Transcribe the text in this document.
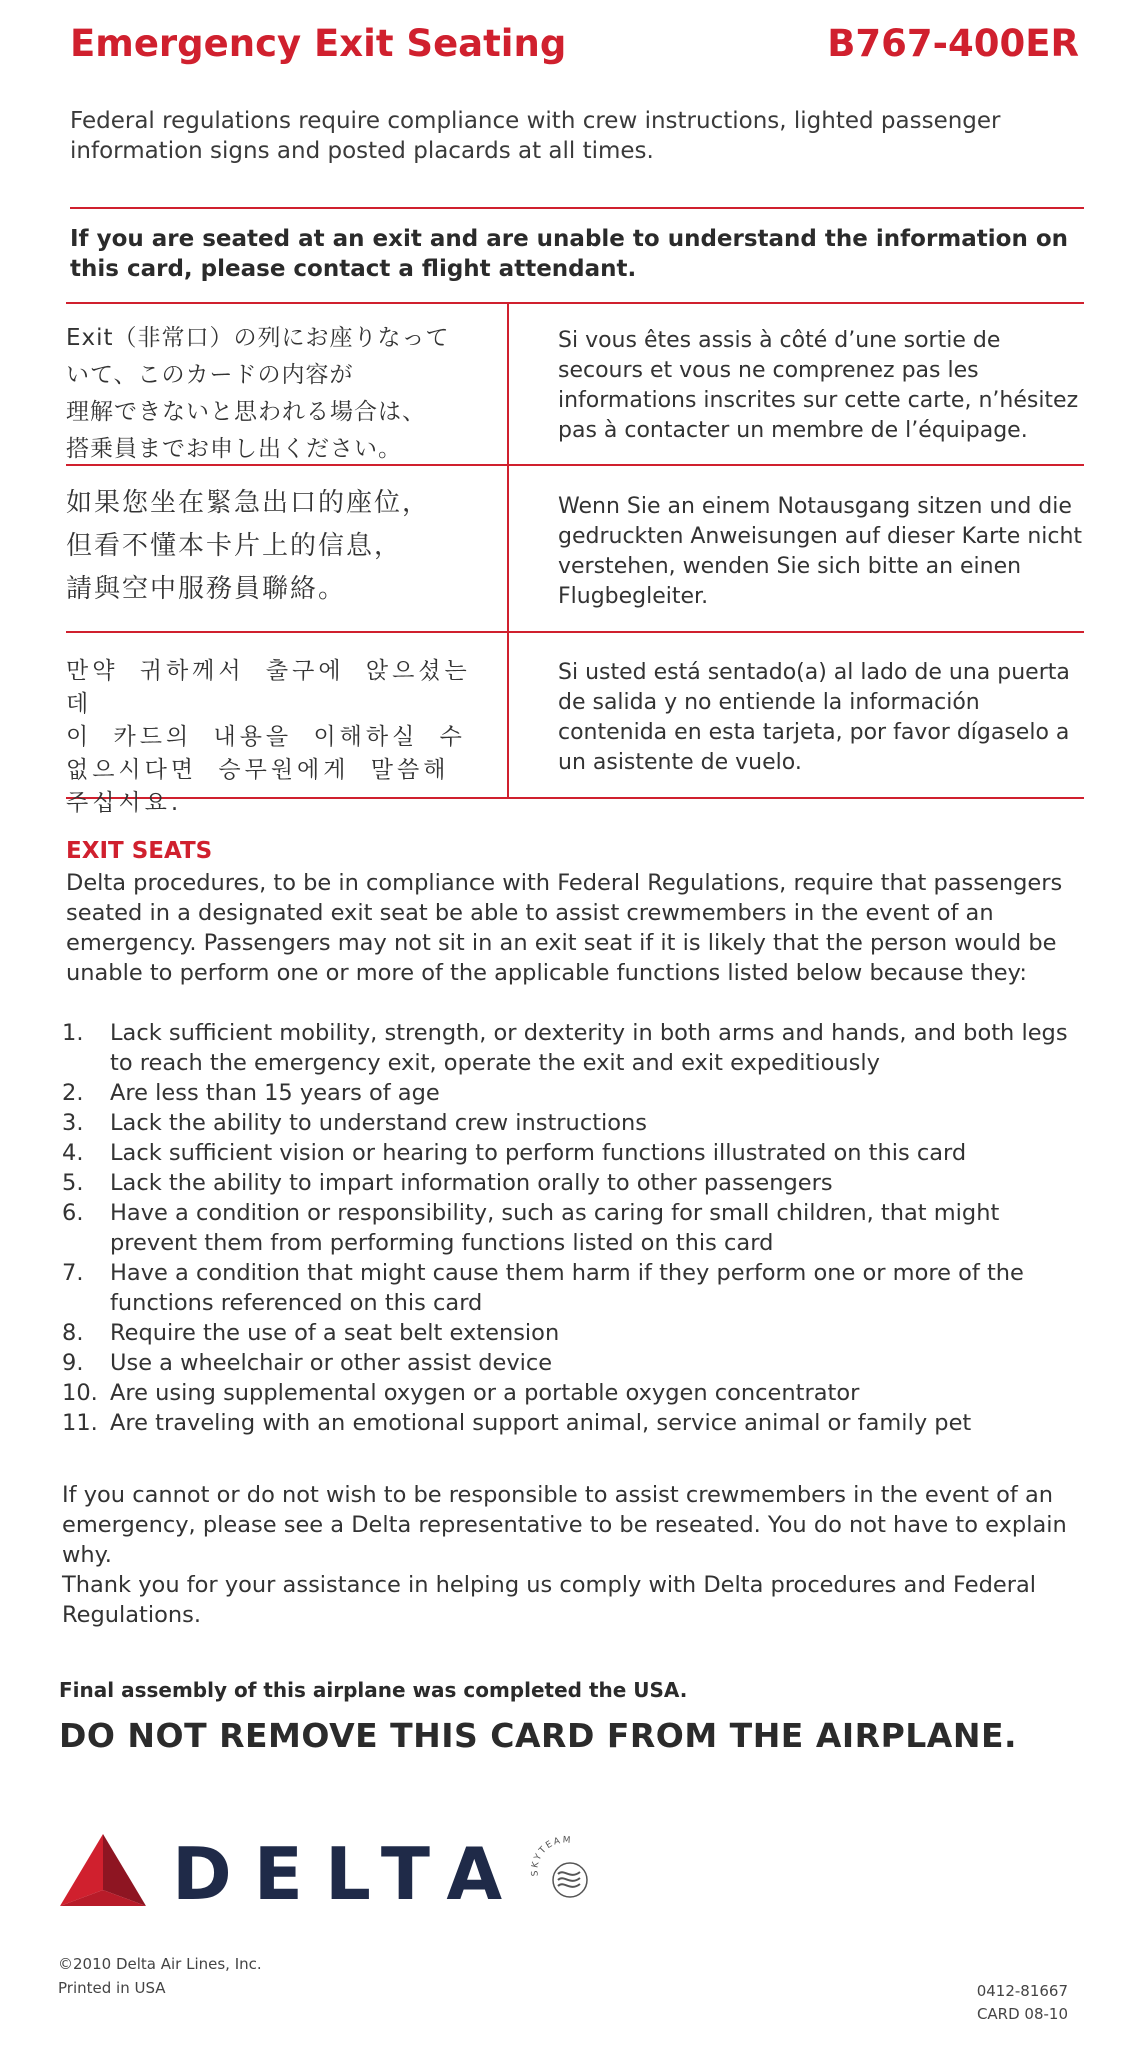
Emergency Exit Seating	B767-400ER
Federal regulations require compliance with crew instructions, lighted passenger information signs and posted placards at all times.
If you are seated at an exit and are unable to understand the information on this card, please contact a flight attendant.
Exit（非常口）の列にお座りなって
いて、このカードの内容が
理解できないと思われる場合は、
搭乗員までお申し出ください。
Si vous êtes assis à côté d’une sortie de secours et vous ne comprenez pas les informations inscrites sur cette carte, n’hésitez pas à contacter un membre de l’équipage.
如果您坐在緊急出口的座位，
但看不懂本卡片上的信息，
請與空中服務員聯絡。
Wenn Sie an einem Notausgang sitzen und die gedruckten Anweisungen auf dieser Karte nicht verstehen, wenden Sie sich bitte an einen Flugbegleiter.
만약 귀하께서 출구에 앉으셨는데
이 카드의 내용을 이해하실 수
없으시다면 승무원에게 말씀해
주십시요.
Si usted está sentado(a) al lado de una puerta de salida y no entiende la información contenida en esta tarjeta, por favor dígaselo a un asistente de vuelo.
EXIT SEATS
Delta procedures, to be in compliance with Federal Regulations, require that passengers seated in a designated exit seat be able to assist crewmembers in the event of an emergency. Passengers may not sit in an exit seat if it is likely that the person would be unable to perform one or more of the applicable functions listed below because they:
1.	Lack sufficient mobility, strength, or dexterity in both arms and hands, and both legs to reach the emergency exit, operate the exit and exit expeditiously
2.	Are less than 15 years of age
3.	Lack the ability to understand crew instructions
4.	Lack sufficient vision or hearing to perform functions illustrated on this card
5.	Lack the ability to impart information orally to other passengers
6.	Have a condition or responsibility, such as caring for small children, that might prevent them from performing functions listed on this card
7.	Have a condition that might cause them harm if they perform one or more of the functions referenced on this card
8.	Require the use of a seat belt extension
9.	Use a wheelchair or other assist device
10. Are using supplemental oxygen or a portable oxygen concentrator
11. Are traveling with an emotional support animal, service animal or family pet
If you cannot or do not wish to be responsible to assist crewmembers in the event of an emergency, please see a Delta representative to be reseated. You do not have to explain why.
Thank you for your assistance in helping us comply with Delta procedures and Federal Regulations.
Final assembly of this airplane was completed the USA.
DO NOT REMOVE THIS CARD FROM THE AIRPLANE.
DELTA SKYTEAM
©2010 Delta Air Lines, Inc.
Printed in USA	0412-81667
CARD 08-10
